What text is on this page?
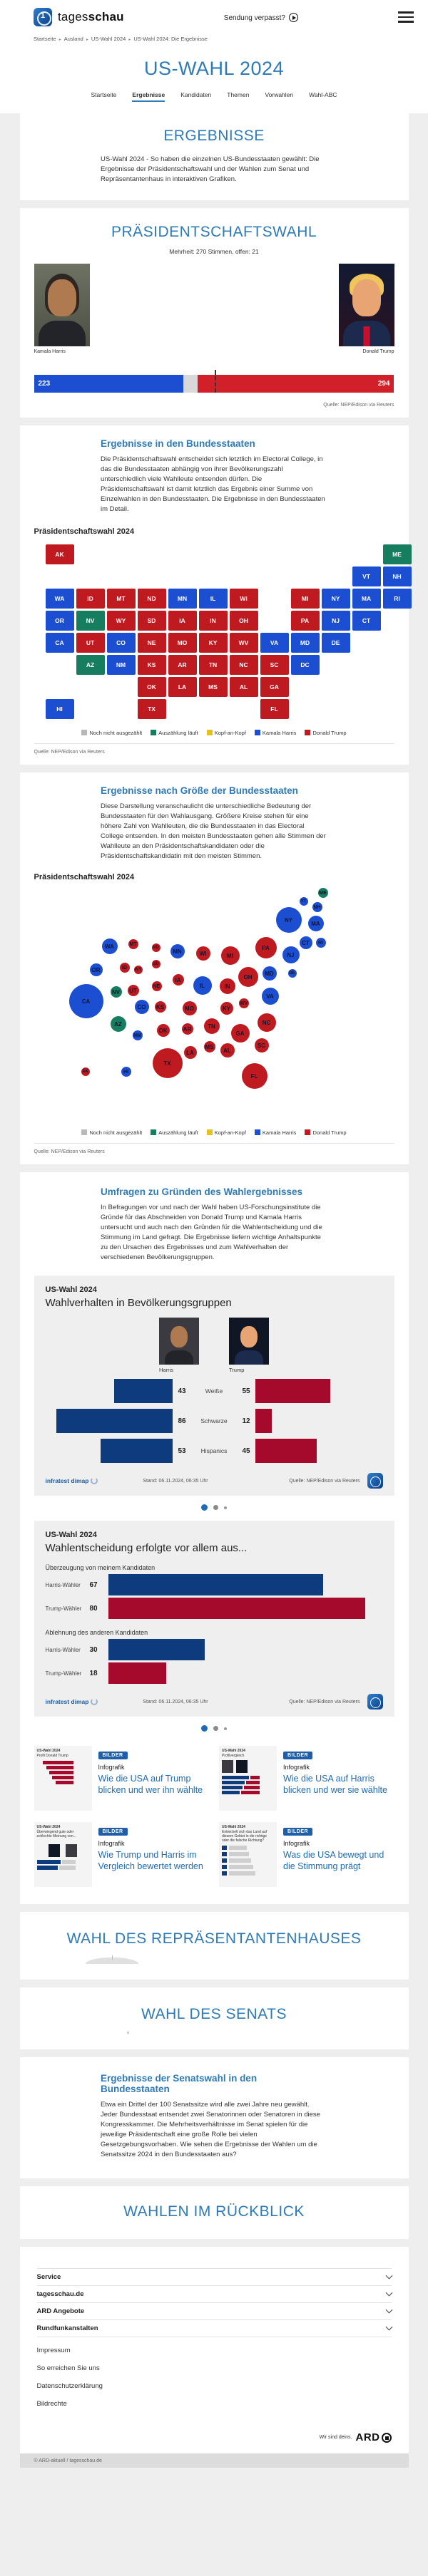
1
tagesschau	Sendung verpasst?
Startseite ▸ Ausland ▸ US-Wahl 2024 ▸ US-Wahl 2024: Die Ergebnisse
US-WAHL 2024
Startseite	Ergebnisse	Kandidaten	Themen	Vorwahlen	Wahl-ABC
ERGEBNISSE
US-Wahl 2024 - So haben die einzelnen US-Bundesstaaten gewählt: Die Ergebnisse der Präsidentschaftswahl und der Wahlen zum Senat und Repräsentantenhaus in interaktiven Grafiken.
PRÄSIDENTSCHAFTSWAHL
Mehrheit: 270 Stimmen, offen: 21
Kamala Harris	Donald Trump
223	294
Quelle: NEP/Edison via Reuters
Ergebnisse in den Bundesstaaten
Die Präsidentschaftswahl entscheidet sich letztlich im Electoral College, in das die Bundesstaaten abhängig von ihrer Bevölkerungszahl unterschiedlich viele Wahlleute entsenden dürfen. Die Präsidentschaftswahl ist damit letztlich das Ergebnis einer Summe von Einzelwahlen in den Bundesstaaten. Die Ergebnisse in den Bundesstaaten im Detail.
Präsidentschaftswahl 2024
AK	ME
VT	NH
WA	ID	MT	ND	MN	IL	WI	MI	NY	MA	RI
OR	NV	WY	SD	IA	IN	OH	PA	NJ	CT
CA	UT	CO	NE	MO	KY	WV	VA	MD	DE
AZ	NM	KS	AR	TN	NC	SC	DC
OK	LA	MS	AL	GA
HI	TX	FL
Noch nicht ausgezählt	Auszählung läuft	Kopf-an-Kopf	Kamala Harris	Donald Trump
Quelle: NEP/Edison via Reuters
Ergebnisse nach Größe der Bundesstaaten
Diese Darstellung veranschaulicht die unterschiedliche Bedeutung der Bundesstaaten für den Wahlausgang. Größere Kreise stehen für eine höhere Zahl von Wahlleuten, die die Bundesstaaten in das Electoral College entsenden. In den meisten Bundesstaaten gehen alle Stimmen der Wahlleute an den Präsidentschaftskandidaten oder die Präsidentschaftskandidatin mit den meisten Stimmen.
Präsidentschaftswahl 2024
ME
VT
NH
NY
MA
PA
NJ
CT	RI
WA	MT
ND
MN	WI	MI
OR	ID	WY
SD
IA
IL	IN
OH
MD	DE
CA
NV	UT
NE
VA
CO	KS	MO	KY
WV
NC
AZ
NM
OK	AR	TN
GA
SC
MS
AL
LA
TX
FL
AK	HI
Noch nicht ausgezählt	Auszählung läuft	Kopf-an-Kopf	Kamala Harris	Donald Trump
Quelle: NEP/Edison via Reuters
Umfragen zu Gründen des Wahlergebnisses
In Befragungen vor und nach der Wahl haben US-Forschungsinstitute die Gründe für das Abschneiden von Donald Trump und Kamala Harris untersucht und auch nach den Gründen für die Wahlentscheidung und die Stimmung im Land gefragt. Die Ergebnisse liefern wichtige Anhaltspunkte zu den Ursachen des Ergebnisses und zum Wahlverhalten der verschiedenen Bevölkerungsgruppen.
US-Wahl 2024
Wahlverhalten in Bevölkerungsgruppen
Harris	Trump
43	Weiße	55
86	Schwarze	12
53	Hispanics	45
infratest dimap	Stand: 06.11.2024, 06:35 Uhr	Quelle: NEP/Edison via Reuters
US-Wahl 2024
Wahlentscheidung erfolgte vor allem aus...
Überzeugung von meinem Kandidaten
Harris-Wähler	67
Trump-Wähler	80
Ablehnung des anderen Kandidaten
Harris-Wähler	30
Trump-Wähler	18
infratest dimap	Stand: 06.11.2024, 06:35 Uhr	Quelle: NEP/Edison via Reuters
US-Wahl 2024
Profil Donald Trump	BILDER
Infografik
Wie die USA auf Trump blicken und wer ihn wählte
US-Wahl 2024
Profilvergleich	BILDER
Infografik
Wie die USA auf Harris blicken und wer sie wählte
US-Wahl 2024
Überwiegend gute oder schlechte Meinung von...
BILDER
Infografik
Wie Trump und Harris im Vergleich bewertet werden
US-Wahl 2024
Entwickelt sich das Land auf diesem Gebiet in die richtige oder die falsche Richtung?
BILDER
Infografik
Was die USA bewegt und die Stimmung prägt
WAHL DES REPRÄSENTANTENHAUSES
WAHL DES SENATS
Ergebnisse der Senatswahl in den Bundesstaaten
Etwa ein Drittel der 100 Senatssitze wird alle zwei Jahre neu gewählt. Jeder Bundesstaat entsendet zwei Senatorinnen oder Senatoren in diese Kongresskammer. Die Mehrheitsverhältnisse im Senat spielen für die jeweilige Präsidentschaft eine große Rolle bei vielen Gesetzgebungsvorhaben. Wie sehen die Ergebnisse der Wahlen um die Senatssitze 2024 in den Bundesstaaten aus?
WAHLEN IM RÜCKBLICK
Service
tagesschau.de
ARD Angebote
Rundfunkanstalten
Impressum
So erreichen Sie uns
Datenschutzerklärung
Bildrechte
Wir sind deins. ARD
© ARD-aktuell / tagesschau.de
